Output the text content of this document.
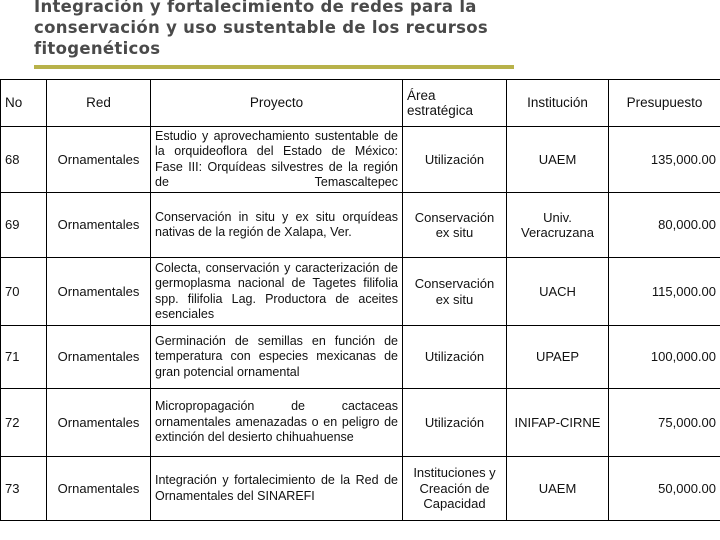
Integración y fortalecimiento de redes para la conservación y uso sustentable de los recursos fitogenéticos
No	Red	Proyecto	Área estratégica	Institución	Presupuesto
68	Ornamentales	Estudio y aprovechamiento sustentable de la orquideoflora del Estado de México: Fase III: Orquídeas silvestres de la región de Temascaltepec	Utilización	UAEM	135,000.00
69	Ornamentales	Conservación in situ y ex situ orquídeas nativas de la región de Xalapa, Ver.	Conservación ex situ	Univ. Veracruzana	80,000.00
70	Ornamentales	Colecta, conservación y caracterización de germoplasma nacional de Tagetes filifolia spp. filifolia Lag. Productora de aceites esenciales	Conservación ex situ	UACH	115,000.00
71	Ornamentales	Germinación de semillas en función de temperatura con especies mexicanas de gran potencial ornamental	Utilización	UPAEP	100,000.00
72	Ornamentales	Micropropagación de cactaceas ornamentales amenazadas o en peligro de extinción del desierto chihuahuense	Utilización	INIFAP-CIRNE	75,000.00
73	Ornamentales	Integración y fortalecimiento de la Red de Ornamentales del SINAREFI	Instituciones y Creación de Capacidad	UAEM	50,000.00
